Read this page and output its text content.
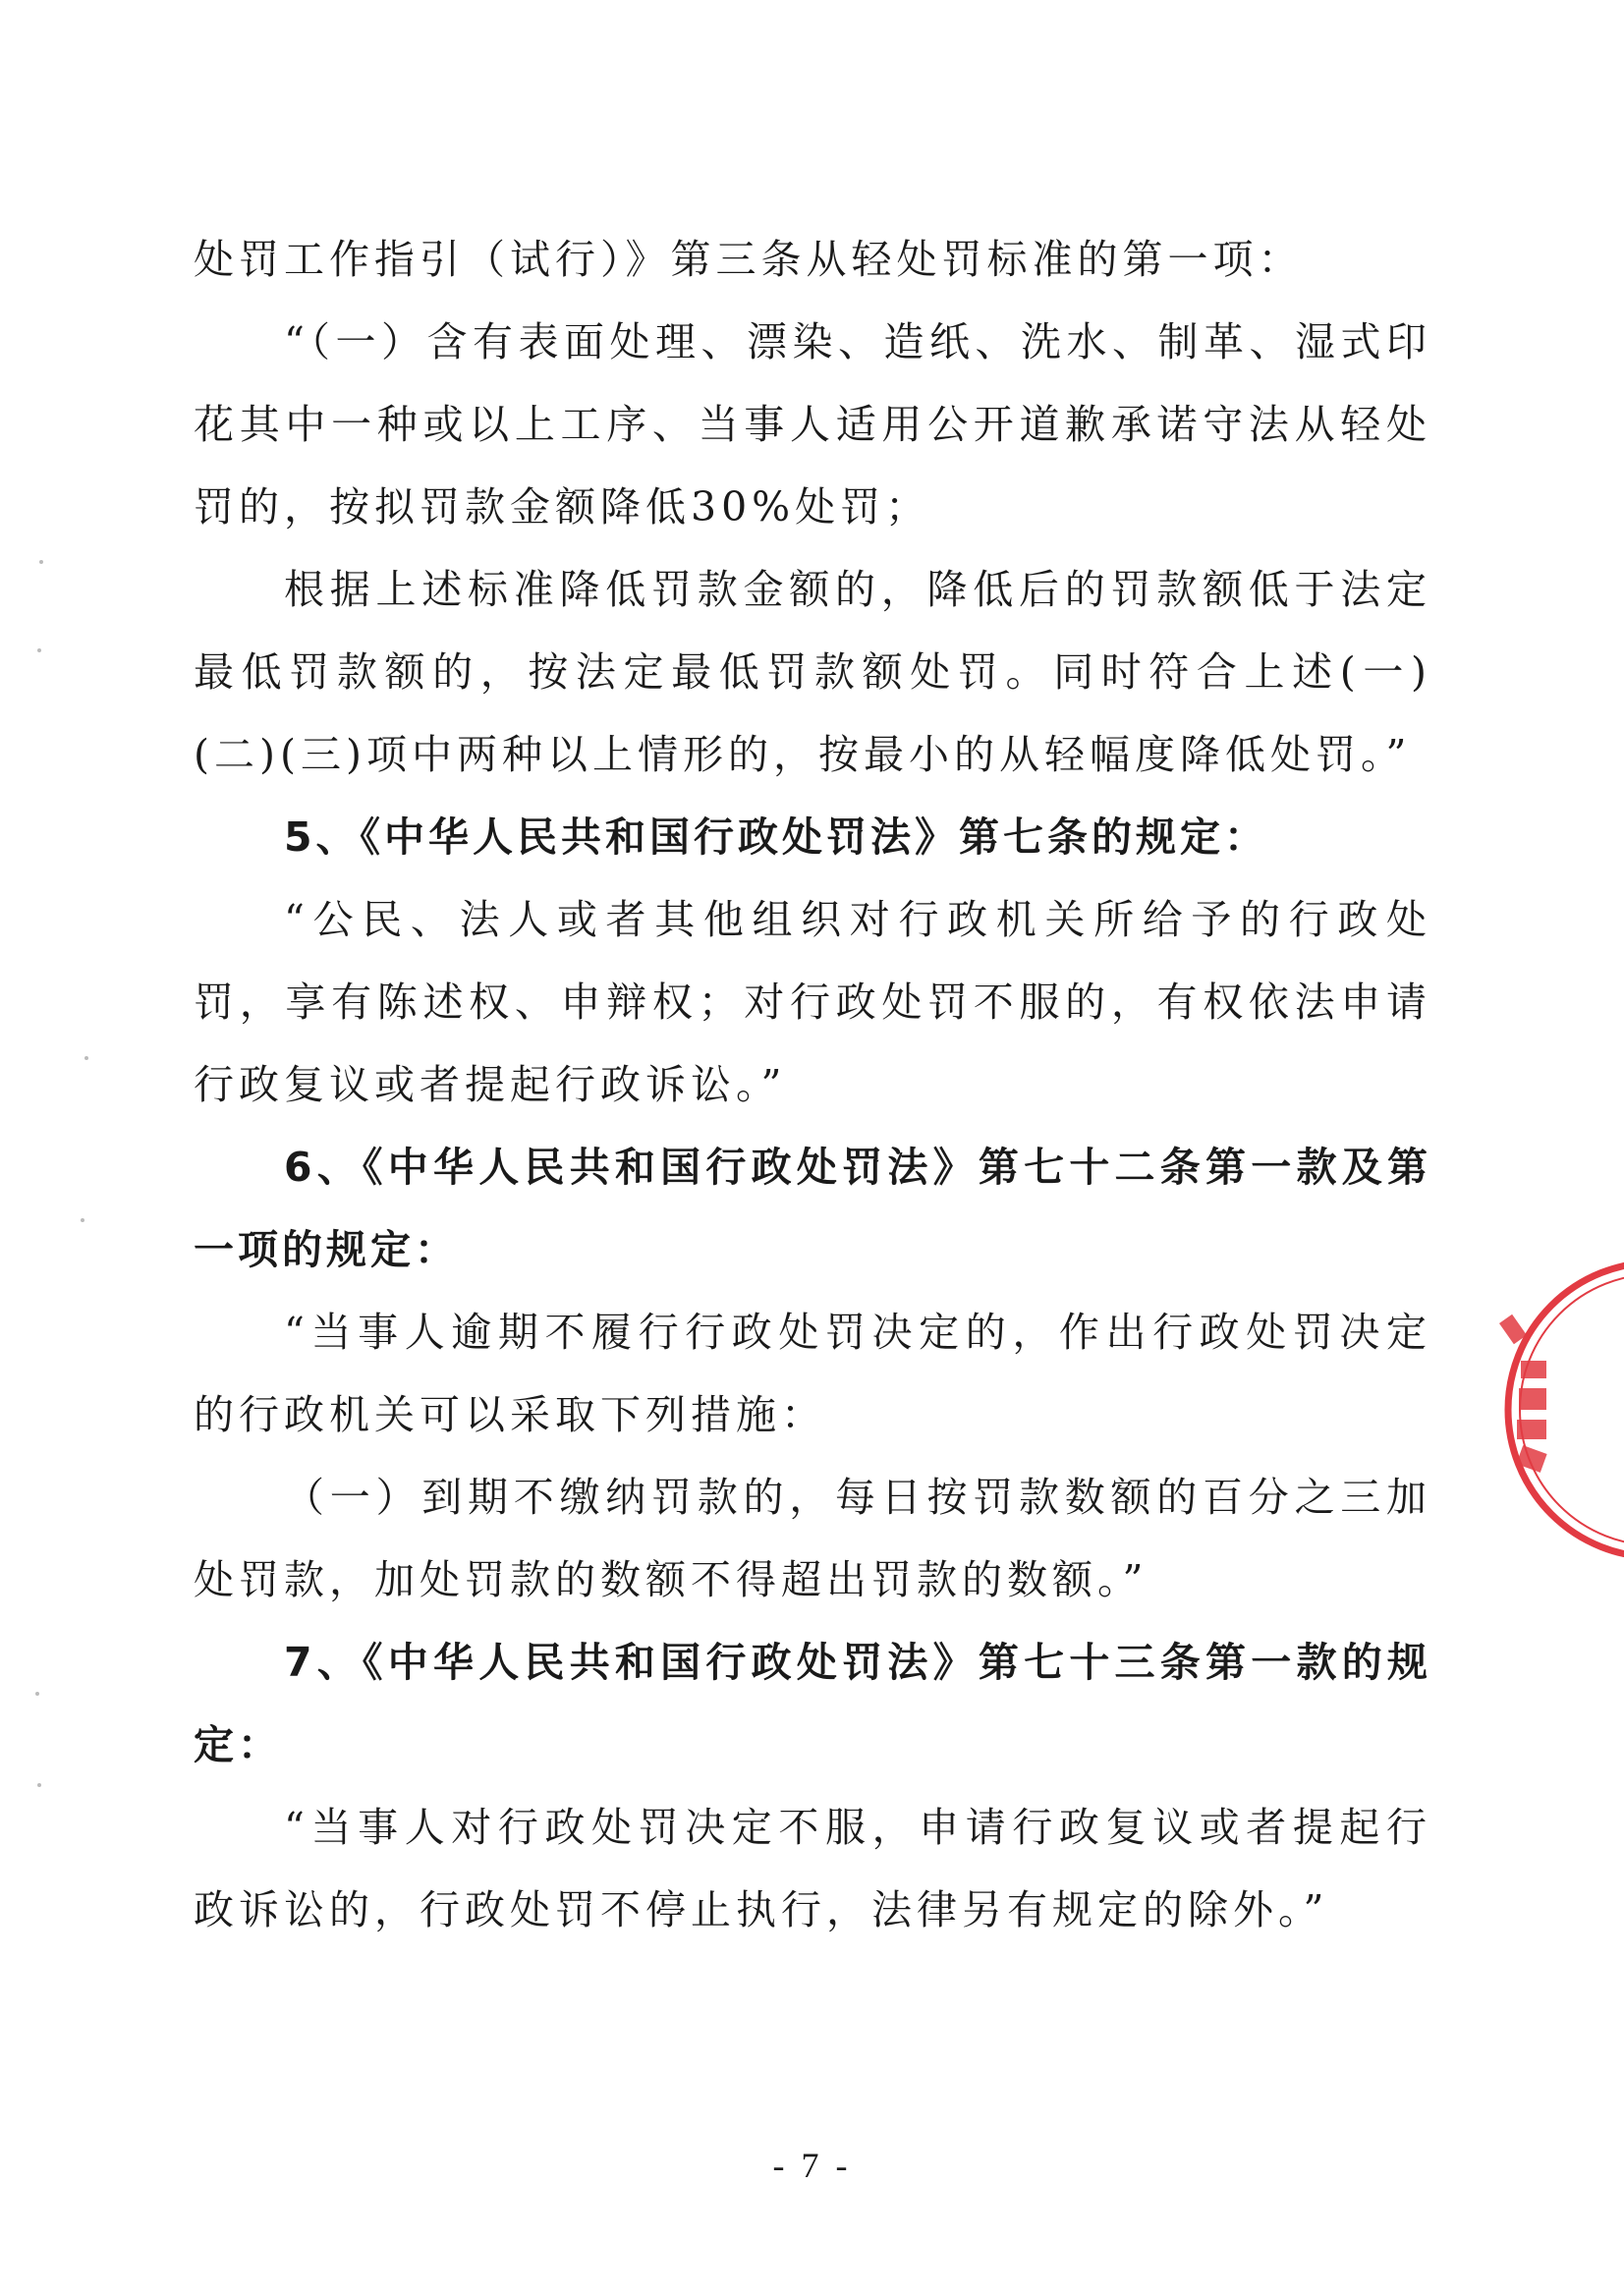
处罚工作指引（试行）》第三条从轻处罚标准的第一项：

“（一）含有表面处理、漂染、造纸、洗水、制革、湿式印花其中一种或以上工序、当事人适用公开道歉承诺守法从轻处罚的，按拟罚款金额降低30%处罚；

根据上述标准降低罚款金额的，降低后的罚款额低于法定最低罚款额的，按法定最低罚款额处罚。同时符合上述(一)(二)(三)项中两种以上情形的，按最小的从轻幅度降低处罚。”

5、《中华人民共和国行政处罚法》第七条的规定：

“公民、法人或者其他组织对行政机关所给予的行政处罚，享有陈述权、申辩权；对行政处罚不服的，有权依法申请行政复议或者提起行政诉讼。”

6、《中华人民共和国行政处罚法》第七十二条第一款及第一项的规定：

“当事人逾期不履行行政处罚决定的，作出行政处罚决定的行政机关可以采取下列措施：

（一）到期不缴纳罚款的，每日按罚款数额的百分之三加处罚款，加处罚款的数额不得超出罚款的数额。”

7、《中华人民共和国行政处罚法》第七十三条第一款的规定：

“当事人对行政处罚决定不服，申请行政复议或者提起行政诉讼的，行政处罚不停止执行，法律另有规定的除外。”

- 7 -
